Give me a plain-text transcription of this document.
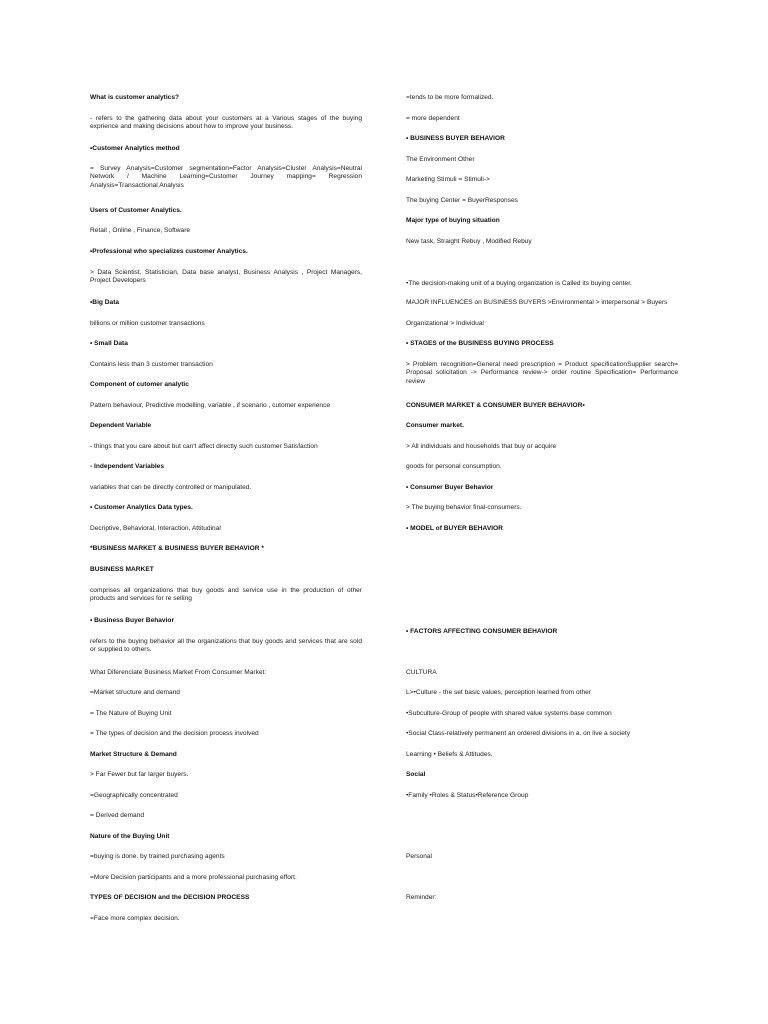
What is customer analytics?
- refers to the gathering data about your customers at a Various stages of the buying exprience and making decisions about how to improve your business.
•Customer Analytics method
= Survey Analysis=Customer segmentation=Factor Analysis=Cluster Analysis=Neutral Network / Machine Learning=Customer Journey mapping= Regression Analysis=Transactional Analysis
Users of Customer Analytics.
Retail , Online , Finance, Software
•Professional who specializes customer Analytics.
> Data Scientist, Statistician, Data base analyst, Business Analysis , Project Managers, Project Developers
•Big Data
billions or million customer transactions
• Small Data
Contains less than 3 customer transaction
Component of cutomer analytic
Pattern behaviour, Predictive modelling, variable , if scenario , cutomer experience
Dependent Variable
- things that you care about but can't affect directly such customer Satisfaction
- Independent Variables
variables that can be directly controlled or manipulated.
• Customer Analytics Data types.
Decriptive, Behavioral, Interaction, Attitudinal
*BUSINESS MARKET & BUSINESS BUYER BEHAVIOR *
BUSINESS MARKET
comprises all organizations that buy goods and service use in the production of other products and services for re selling
• Business Buyer Behavior
refers to the buying behavior all the organizations that buy goods and services that are sold or supplied to others.
What Diferenciate Business Market From Consumer Market:
=Market structure and demand
= The Nature of Buying Unit
= The types of decision and the decision process involved
Market Structure & Demand
> Far Fewer but far larger buyers.
=Geographically concentrated
= Derived demand
Nature of the Buying Unit
=buying is done. by trained purchasing agents
=More Decision participants and a more professional purchasing effort.
TYPES OF DECISION and the DECISION PROCESS
=Face more complex decision.
=tends to be more formalized.
= more dependent
• BUSINESS BUYER BEHAVIOR
The Environment Other
Marketing Stimuli = Stimuli->
The buying Center = BuyerResponses
Major type of buying situation
New task, Straight Rebuy , Modified Rebuy
•The decision-making unit of a buying organization is Called its buying center.
MAJOR INFLUENCES on BUSINESS BUYERS >Environmental > interpersonal > Buyers
Organizational > Individual
• STAGES of the BUSINESS BUYING PROCESS
> Problem recognition=General need prescription = Product specificationSupplier search= Proposal solicitation -> Performance review-> order routine Specification= Performance review
CONSUMER MARKET & CONSUMER BUYER BEHAVIOR•
Consumer market.
> All individuals and households that buy or acquire
goods for personal consumption.
• Consumer Buyer Behavior
> The buying behavior final-consumers.
• MODEL of BUYER BEHAVIOR
• FACTORS AFFECTING CONSUMER BEHAVIOR
CULTURA
L>•Culture - the set basic values, perception learned from other
•Subculture-Group of people with shared value systems base common
•Social Class-relatively permanent an ordered divisions in a. on live a society
Learning • Beliefs & Attitudes.
Social
•Family •Roles & Status•Reference Group
Personal
Reminder:
